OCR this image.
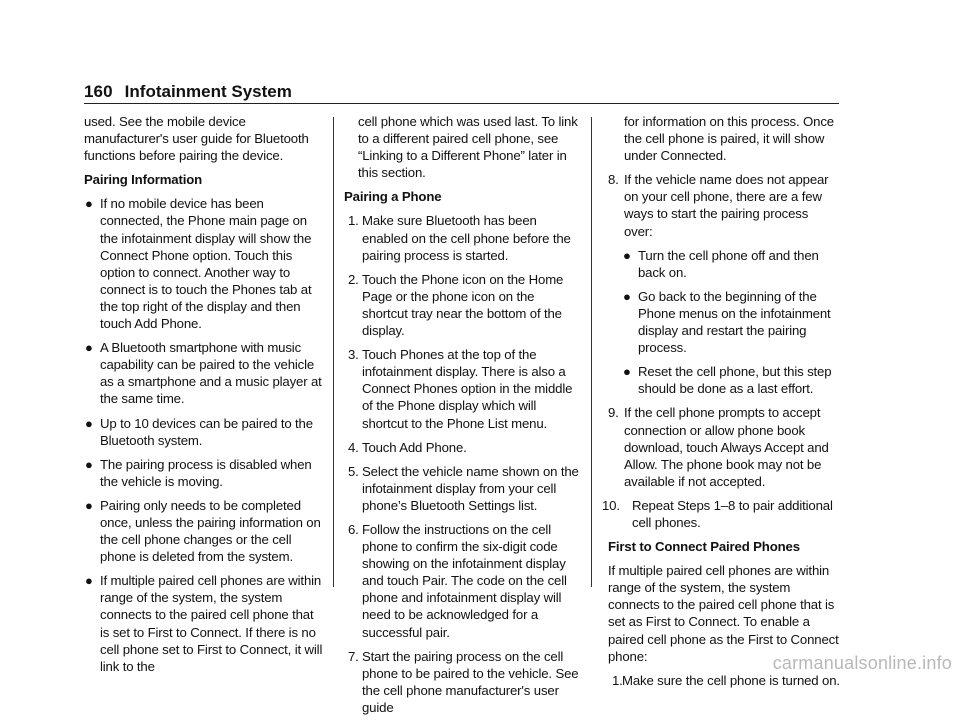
160 Infotainment System

used. See the mobile device manufacturer's user guide for Bluetooth functions before pairing the device.

Pairing Information

● If no mobile device has been connected, the Phone main page on the infotainment display will show the Connect Phone option. Touch this option to connect. Another way to connect is to touch the Phones tab at the top right of the display and then touch Add Phone.
● A Bluetooth smartphone with music capability can be paired to the vehicle as a smartphone and a music player at the same time.
● Up to 10 devices can be paired to the Bluetooth system.
● The pairing process is disabled when the vehicle is moving.
● Pairing only needs to be completed once, unless the pairing information on the cell phone changes or the cell phone is deleted from the system.
● If multiple paired cell phones are within range of the system, the system connects to the paired cell phone that is set to First to Connect. If there is no cell phone set to First to Connect, it will link to the

cell phone which was used last. To link to a different paired cell phone, see “Linking to a Different Phone” later in this section.

Pairing a Phone

1. Make sure Bluetooth has been enabled on the cell phone before the pairing process is started.
2. Touch the Phone icon on the Home Page or the phone icon on the shortcut tray near the bottom of the display.
3. Touch Phones at the top of the infotainment display. There is also a Connect Phones option in the middle of the Phone display which will shortcut to the Phone List menu.
4. Touch Add Phone.
5. Select the vehicle name shown on the infotainment display from your cell phone’s Bluetooth Settings list.
6. Follow the instructions on the cell phone to confirm the six-digit code showing on the infotainment display and touch Pair. The code on the cell phone and infotainment display will need to be acknowledged for a successful pair.
7. Start the pairing process on the cell phone to be paired to the vehicle. See the cell phone manufacturer's user guide

for information on this process. Once the cell phone is paired, it will show under Connected.

8. If the vehicle name does not appear on your cell phone, there are a few ways to start the pairing process over:
● Turn the cell phone off and then back on.
● Go back to the beginning of the Phone menus on the infotainment display and restart the pairing process.
● Reset the cell phone, but this step should be done as a last effort.
9. If the cell phone prompts to accept connection or allow phone book download, touch Always Accept and Allow. The phone book may not be available if not accepted.
10. Repeat Steps 1–8 to pair additional cell phones.

First to Connect Paired Phones

If multiple paired cell phones are within range of the system, the system connects to the paired cell phone that is set as First to Connect. To enable a paired cell phone as the First to Connect phone:

1. Make sure the cell phone is turned on.
carmanualsonline.info
